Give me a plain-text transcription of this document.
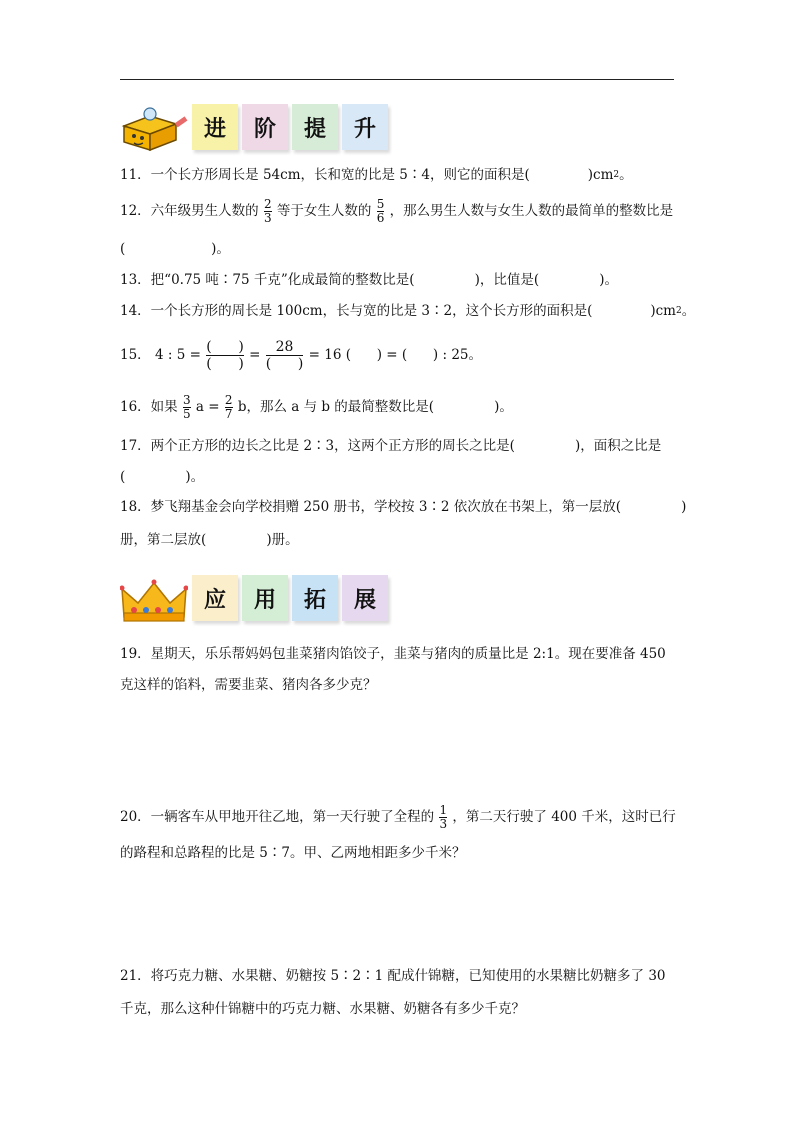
进 阶 提 升
11．一个长方形周长是 54cm，长和宽的比是 5∶4，则它的面积是(	)$cm^2$。
12．六年级男生人数的 $\frac{2}{3}$ 等于女生人数的 $\frac{5}{6}$ ，那么男生人数与女生人数的最简单的整数比是
(                    )。
13．把“0.75 吨∶75 千克”化成最简的整数比是(              )，比值是(              )。
14．一个长方形的周长是 100cm，长与宽的比是 3∶2，这个长方形的面积是(	)$cm^2$。
15． 4 : $5 = \frac{( )}{( )} = \frac{28}{( )} = 16$ (      ) = (      ) : 25。
16．如果 $\frac{3}{5}$ $a = \frac{2}{7}$ b，那么 a 与 b 的最简整数比是(              )。
17．两个正方形的边长之比是 2∶3，这两个正方形的周长之比是(              )，面积之比是
(              )。
18．梦飞翔基金会向学校捐赠 250 册书，学校按 3∶2 依次放在书架上，第一层放(              )
册，第二层放(              )册。
应 用 拓 展
19．星期天，乐乐帮妈妈包韭菜猪肉馅饺子，韭菜与猪肉的质量比是 2:1。现在要准备 450
克这样的馅料，需要韭菜、猪肉各多少克？
20．一辆客车从甲地开往乙地，第一天行驶了全程的 $\frac{1}{3}$ ，第二天行驶了 400 千米，这时已行
的路程和总路程的比是 5∶7。甲、乙两地相距多少千米？
21．将巧克力糖、水果糖、奶糖按 5∶2∶1 配成什锦糖，已知使用的水果糖比奶糖多了 30
千克，那么这种什锦糖中的巧克力糖、水果糖、奶糖各有多少千克？
